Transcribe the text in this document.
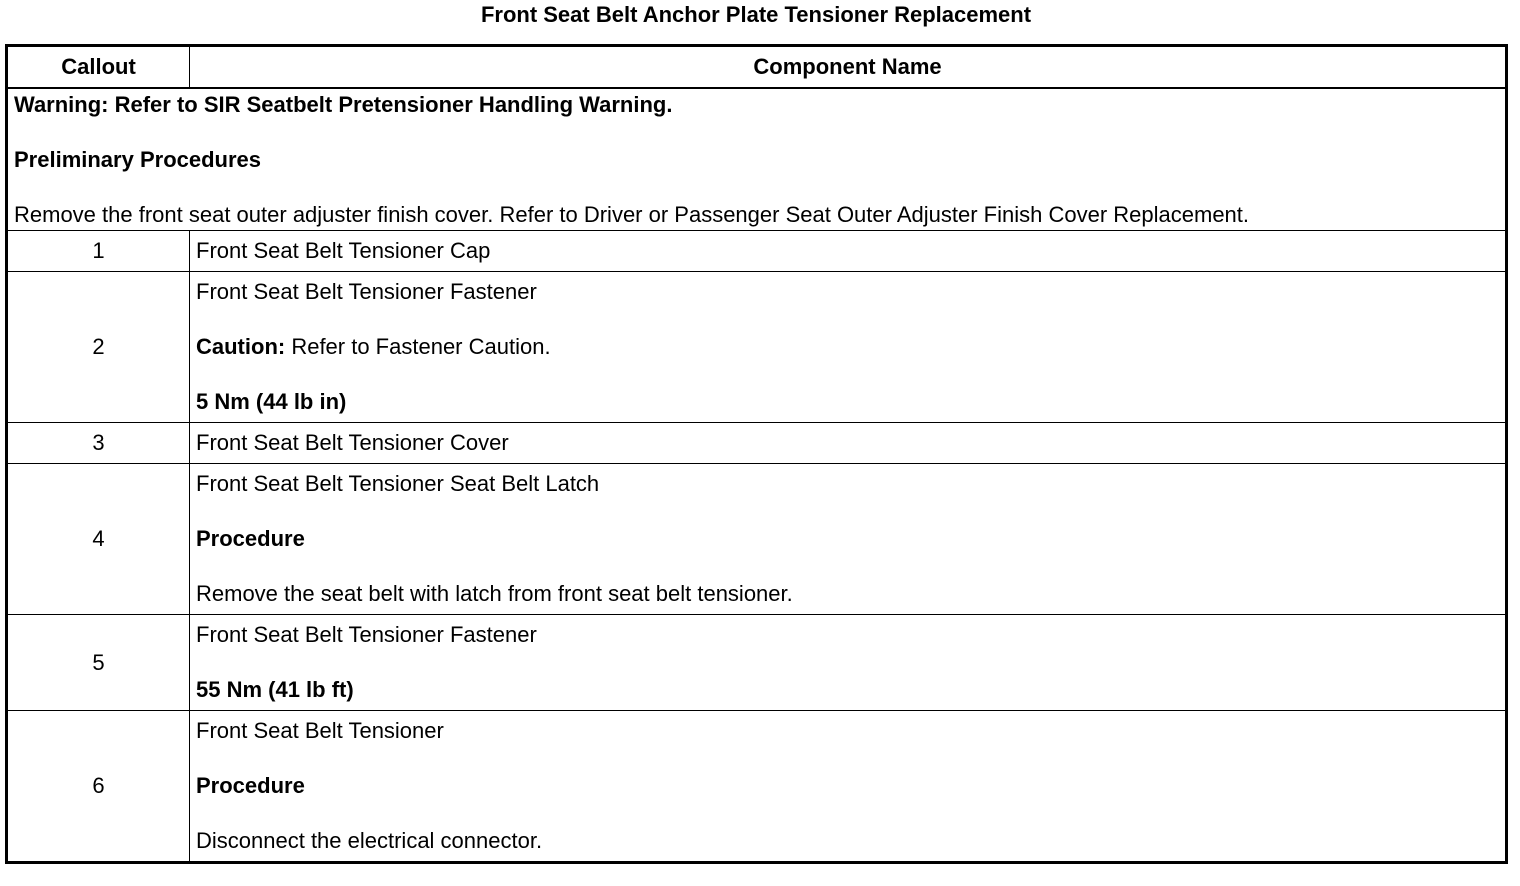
Front Seat Belt Anchor Plate Tensioner Replacement
Callout	Component Name

Warning: Refer to SIR Seatbelt Pretensioner Handling Warning.
Preliminary Procedures
Remove the front seat outer adjuster finish cover. Refer to Driver or Passenger Seat Outer Adjuster Finish Cover Replacement.	

1	Front Seat Belt Tensioner Cap
2	Front Seat Belt Tensioner Fastener
Caution: Refer to Fastener Caution.
5 Nm (44 lb in)

3	Front Seat Belt Tensioner Cover
4	Front Seat Belt Tensioner Seat Belt Latch
Procedure
Remove the seat belt with latch from front seat belt tensioner.

5	Front Seat Belt Tensioner Fastener
55 Nm (41 lb ft)

6	Front Seat Belt Tensioner
Procedure
Disconnect the electrical connector.
